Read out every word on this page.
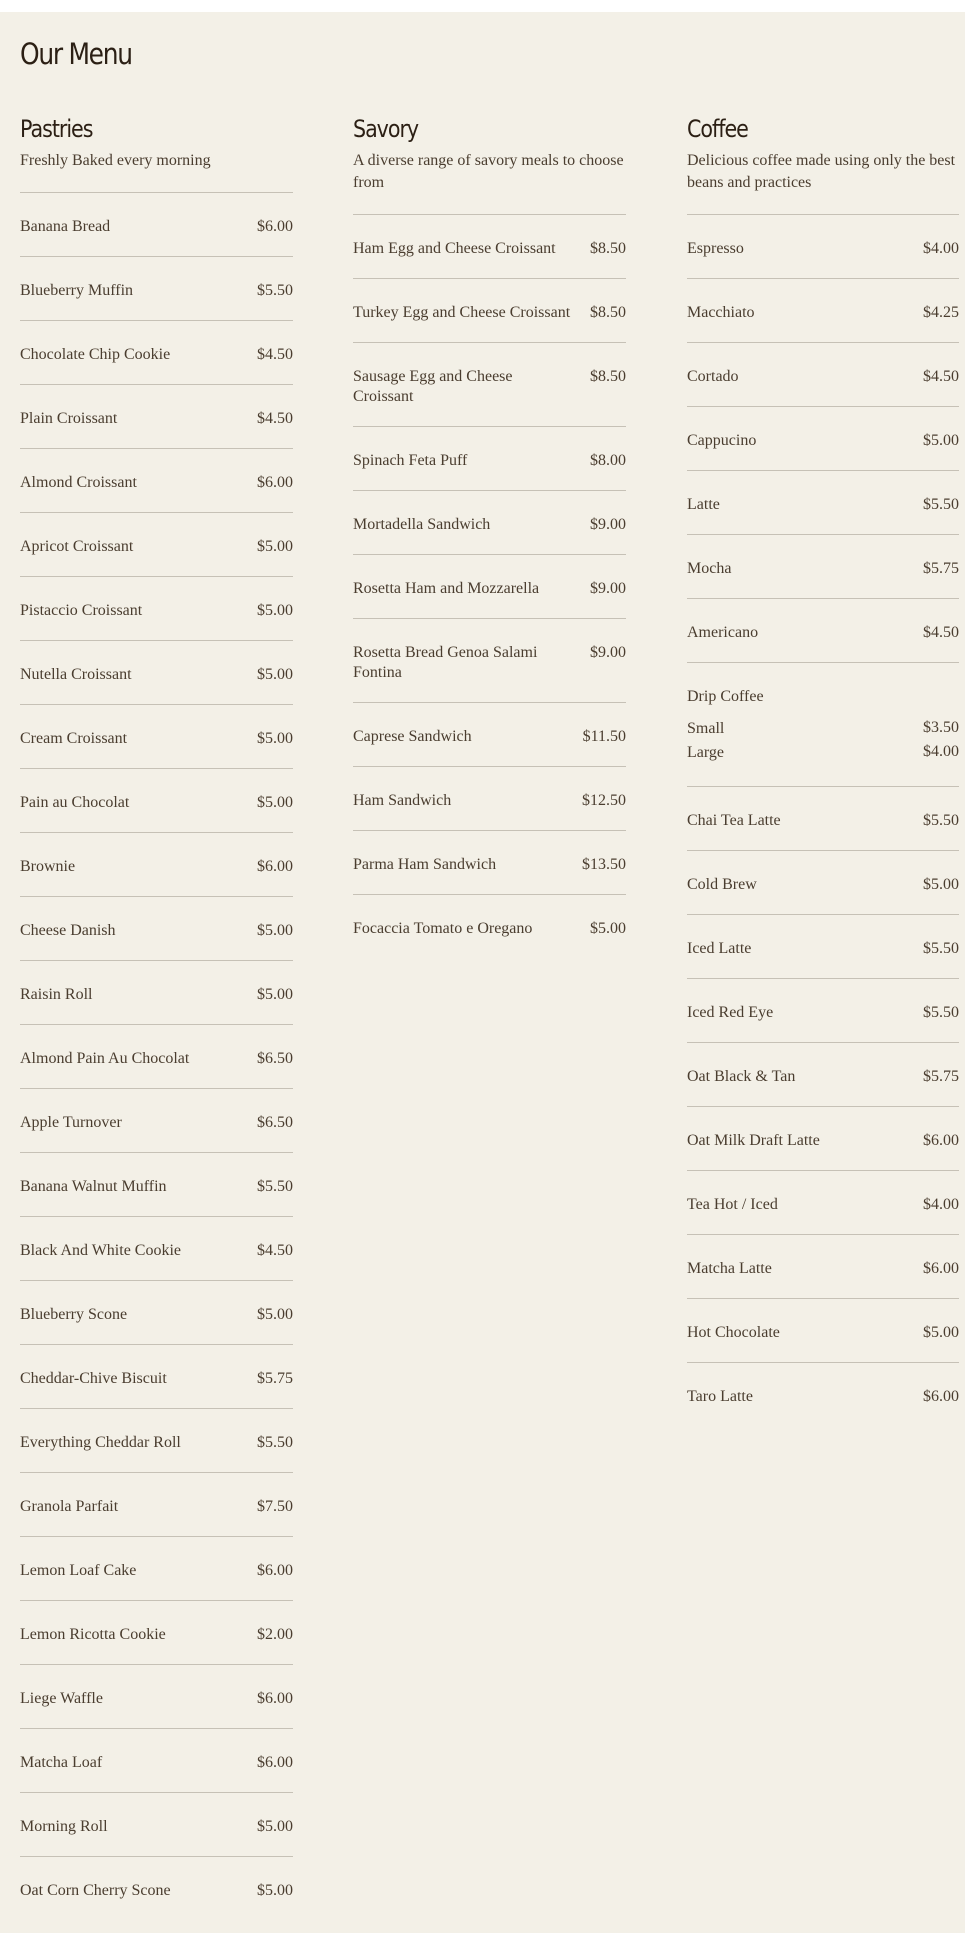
Our Menu
Pastries

Freshly Baked every morning

Banana Bread	$6.00
Blueberry Muffin	$5.50
Chocolate Chip Cookie	$4.50
Plain Croissant	$4.50
Almond Croissant	$6.00
Apricot Croissant	$5.00
Pistaccio Croissant	$5.00
Nutella Croissant	$5.00
Cream Croissant	$5.00
Pain au Chocolat	$5.00
Brownie	$6.00
Cheese Danish	$5.00
Raisin Roll	$5.00
Almond Pain Au Chocolat	$6.50
Apple Turnover	$6.50
Banana Walnut Muffin	$5.50
Black And White Cookie	$4.50
Blueberry Scone	$5.00
Cheddar-Chive Biscuit	$5.75
Everything Cheddar Roll	$5.50
Granola Parfait	$7.50
Lemon Loaf Cake	$6.00
Lemon Ricotta Cookie	$2.00
Liege Waffle	$6.00
Matcha Loaf	$6.00
Morning Roll	$5.00
Oat Corn Cherry Scone	$5.00
Savory

A diverse range of savory meals to choose from

Ham Egg and Cheese Croissant	$8.50
Turkey Egg and Cheese Croissant	$8.50
Sausage Egg and Cheese Croissant
$8.50
Spinach Feta Puff	$8.00
Mortadella Sandwich	$9.00
Rosetta Ham and Mozzarella	$9.00
Rosetta Bread Genoa Salami Fontina
$9.00
Caprese Sandwich	$11.50
Ham Sandwich	$12.50
Parma Ham Sandwich	$13.50
Focaccia Tomato e Oregano	$5.00
Coffee

Delicious coffee made using only the best beans and practices

Espresso	$4.00
Macchiato	$4.25
Cortado	$4.50
Cappucino	$5.00
Latte	$5.50
Mocha	$5.75
Americano	$4.50
Drip Coffee
Small	$3.50
Large	$4.00
Chai Tea Latte	$5.50
Cold Brew	$5.00
Iced Latte	$5.50
Iced Red Eye	$5.50
Oat Black & Tan	$5.75
Oat Milk Draft Latte	$6.00
Tea Hot / Iced	$4.00
Matcha Latte	$6.00
Hot Chocolate	$5.00
Taro Latte	$6.00
